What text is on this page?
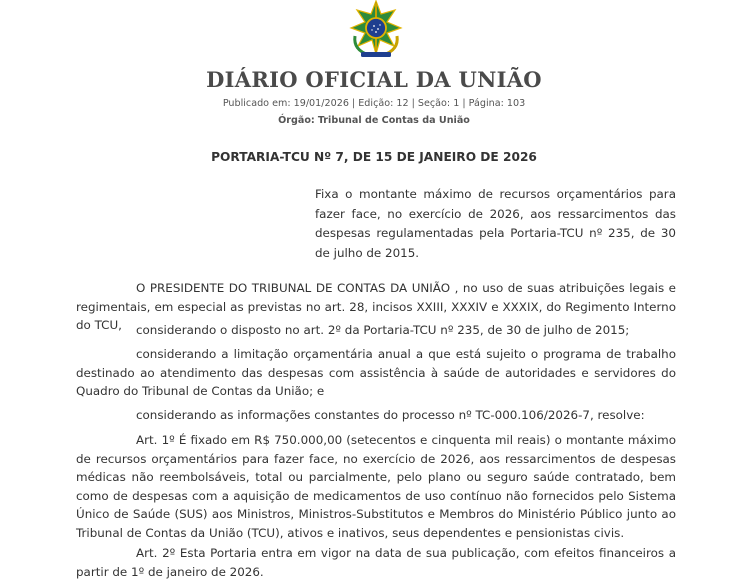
DIÁRIO OFICIAL DA UNIÃO
Publicado em: 19/01/2026 | Edição: 12 | Seção: 1 | Página: 103
Órgão: Tribunal de Contas da União
PORTARIA-TCU Nº 7, DE 15 DE JANEIRO DE 2026
Fixa o montante máximo de recursos orçamentários para fazer face, no exercício de 2026, aos ressarcimentos das despesas regulamentadas pela Portaria-TCU nº 235, de 30 de julho de 2015.
O PRESIDENTE DO TRIBUNAL DE CONTAS DA UNIÃO , no uso de suas atribuições legais e regimentais, em especial as previstas no art. 28, incisos XXIII, XXXIV e XXXIX, do Regimento Interno do TCU,	considerando o disposto no art. 2º da Portaria-TCU nº 235, de 30 de julho de 2015;
considerando a limitação orçamentária anual a que está sujeito o programa de trabalho destinado ao atendimento das despesas com assistência à saúde de autoridades e servidores do Quadro do Tribunal de Contas da União; e
considerando as informações constantes do processo nº TC-000.106/2026-7, resolve:
Art. 1º É fixado em R$ 750.000,00 (setecentos e cinquenta mil reais) o montante máximo de recursos orçamentários para fazer face, no exercício de 2026, aos ressarcimentos de despesas médicas não reembolsáveis, total ou parcialmente, pelo plano ou seguro saúde contratado, bem como de despesas com a aquisição de medicamentos de uso contínuo não fornecidos pelo Sistema Único de Saúde (SUS) aos Ministros, Ministros-Substitutos e Membros do Ministério Público junto ao Tribunal de Contas da União (TCU), ativos e inativos, seus dependentes e pensionistas civis.
Art. 2º Esta Portaria entra em vigor na data de sua publicação, com efeitos financeiros a partir de 1º de janeiro de 2026.
